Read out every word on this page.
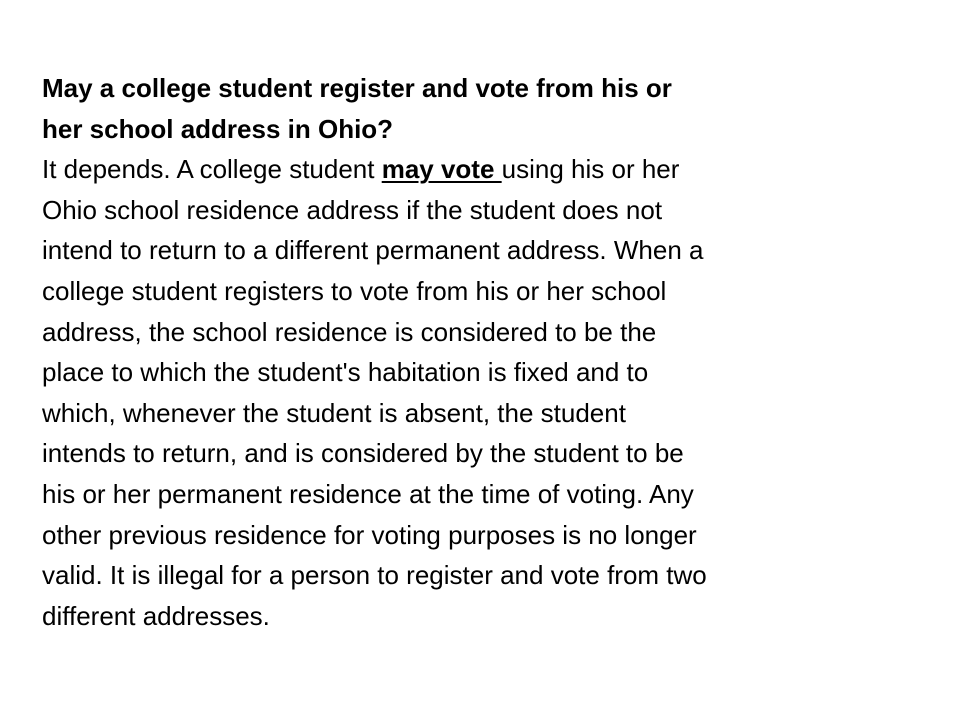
May a college student register and vote from his or
her school address in Ohio?
It depends. A college student may vote using his or her
Ohio school residence address if the student does not
intend to return to a different permanent address. When a
college student registers to vote from his or her school
address, the school residence is considered to be the
place to which the student's habitation is fixed and to
which, whenever the student is absent, the student
intends to return, and is considered by the student to be
his or her permanent residence at the time of voting. Any
other previous residence for voting purposes is no longer
valid. It is illegal for a person to register and vote from two
different addresses.
